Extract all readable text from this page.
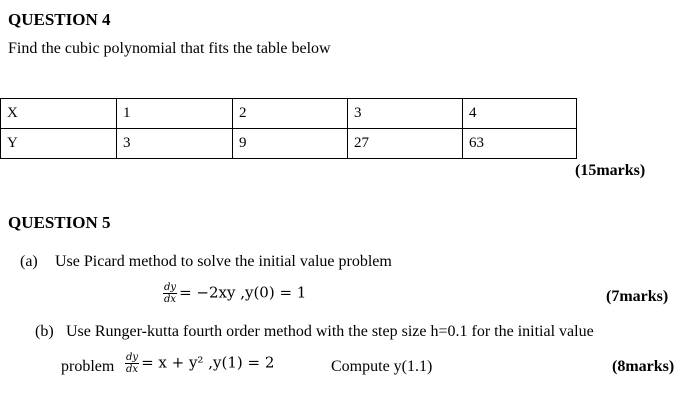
QUESTION 4
Find the cubic polynomial that fits the table below
X	1	2	3	4
Y	3	9	27	63
(15marks)
QUESTION 5
(a) Use Picard method to solve the initial value problem
$\frac{dy}{dx} = -2xy$ ,y(0) = 1	(7marks)
(b) Use Runger-kutta fourth order method with the step size h=0.1 for the initial value
problem $\frac{dy}{dx} = x + y^2$ ,y(1) = 2	Compute y(1.1)	(8marks)
